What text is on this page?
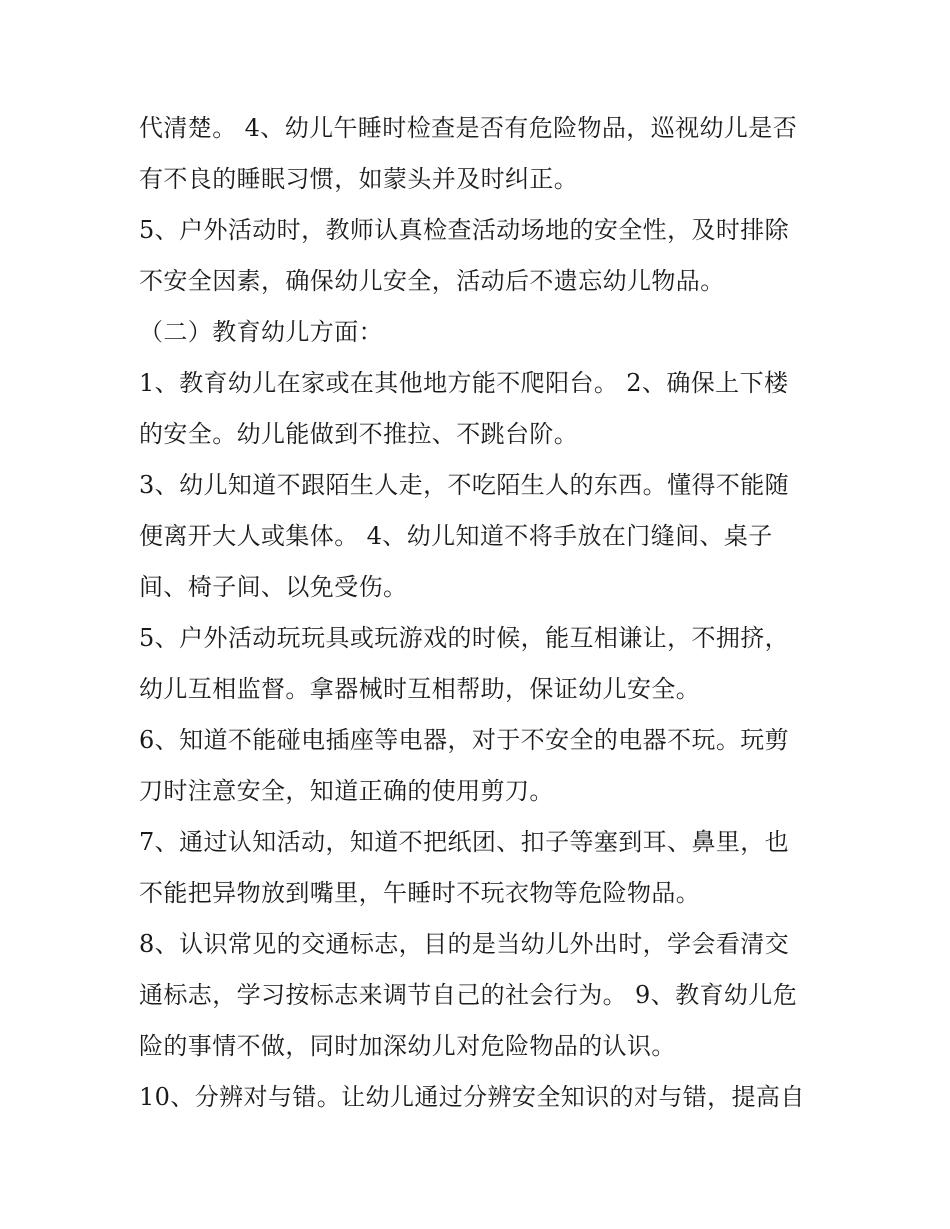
代清楚。 4、幼儿午睡时检查是否有危险物品，巡视幼儿是否
有不良的睡眠习惯，如蒙头并及时纠正。
5、户外活动时，教师认真检查活动场地的安全性，及时排除
不安全因素，确保幼儿安全，活动后不遗忘幼儿物品。
（二）教育幼儿方面：
1、教育幼儿在家或在其他地方能不爬阳台。 2、确保上下楼
的安全。幼儿能做到不推拉、不跳台阶。
3、幼儿知道不跟陌生人走，不吃陌生人的东西。懂得不能随
便离开大人或集体。 4、幼儿知道不将手放在门缝间、桌子
间、椅子间、以免受伤。
5、户外活动玩玩具或玩游戏的时候，能互相谦让，不拥挤，
幼儿互相监督。拿器械时互相帮助，保证幼儿安全。
6、知道不能碰电插座等电器，对于不安全的电器不玩。玩剪
刀时注意安全，知道正确的使用剪刀。
7、通过认知活动，知道不把纸团、扣子等塞到耳、鼻里，也
不能把异物放到嘴里，午睡时不玩衣物等危险物品。
8、认识常见的交通标志，目的是当幼儿外出时，学会看清交
通标志，学习按标志来调节自己的社会行为。 9、教育幼儿危
险的事情不做，同时加深幼儿对危险物品的认识。
10、分辨对与错。让幼儿通过分辨安全知识的对与错，提高自
